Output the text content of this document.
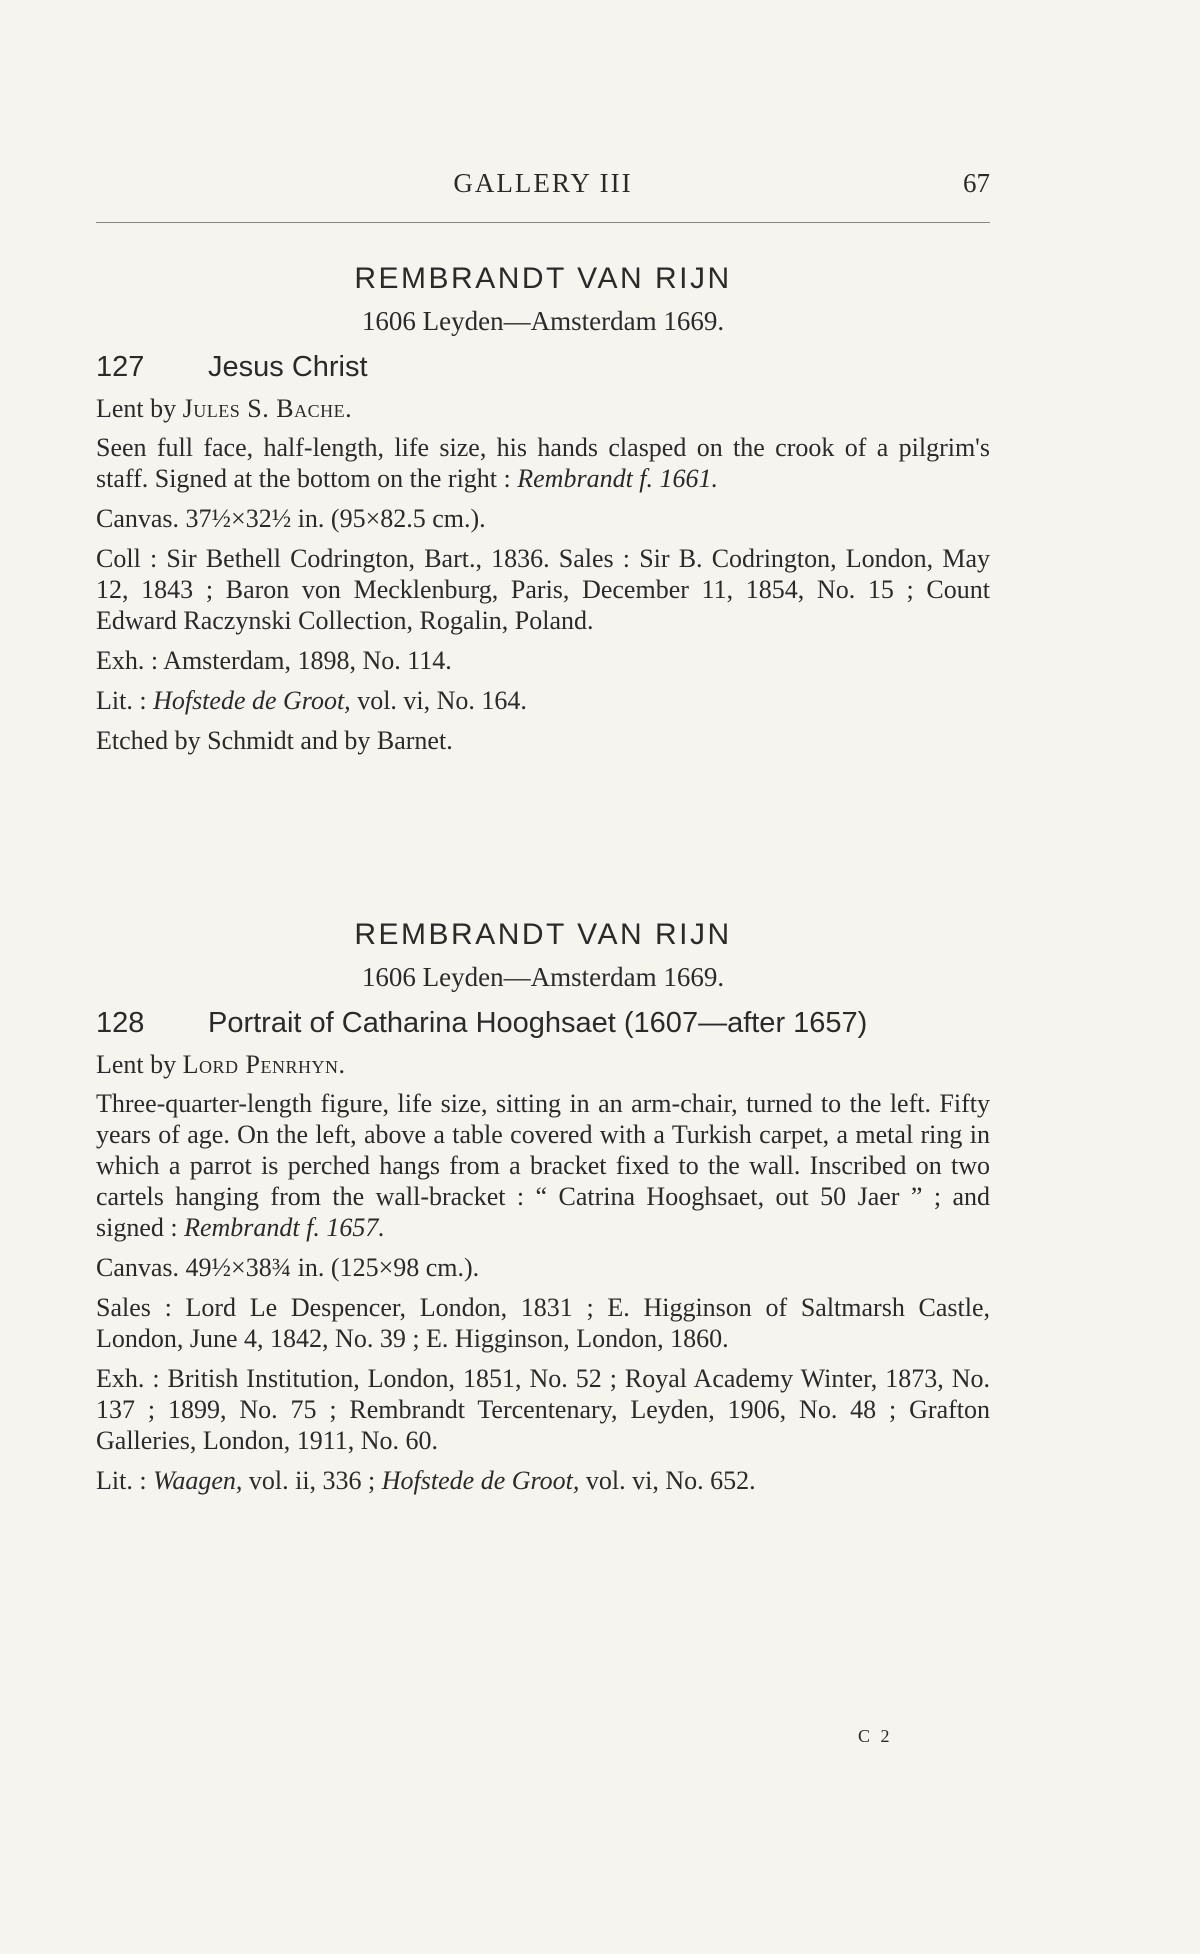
GALLERY III	67
REMBRANDT VAN RIJN
1606 Leyden—Amsterdam 1669.
127 Jesus Christ
Lent by Jules S. Bache.

Seen full face, half-length, life size, his hands clasped on the crook of a pilgrim's staff. Signed at the bottom on the right : Rembrandt f. 1661.

Canvas. 37½×32½ in. (95×82.5 cm.).

Coll : Sir Bethell Codrington, Bart., 1836. Sales : Sir B. Codrington, London, May 12, 1843 ; Baron von Mecklenburg, Paris, December 11, 1854, No. 15 ; Count Edward Raczynski Collection, Rogalin, Poland.

Exh. : Amsterdam, 1898, No. 114.

Lit. : Hofstede de Groot, vol. vi, No. 164.

Etched by Schmidt and by Barnet.

REMBRANDT VAN RIJN
1606 Leyden—Amsterdam 1669.
128 Portrait of Catharina Hooghsaet (1607—after 1657)
Lent by Lord Penrhyn.

Three-quarter-length figure, life size, sitting in an arm-chair, turned to the left. Fifty years of age. On the left, above a table covered with a Turkish carpet, a metal ring in which a parrot is perched hangs from a bracket fixed to the wall. Inscribed on two cartels hanging from the wall-bracket : “ Catrina Hooghsaet, out 50 Jaer ” ; and signed : Rembrandt f. 1657.

Canvas. 49½×38¾ in. (125×98 cm.).

Sales : Lord Le Despencer, London, 1831 ; E. Higginson of Saltmarsh Castle, London, June 4, 1842, No. 39 ; E. Higginson, London, 1860.

Exh. : British Institution, London, 1851, No. 52 ; Royal Academy Winter, 1873, No. 137 ; 1899, No. 75 ; Rembrandt Tercentenary, Leyden, 1906, No. 48 ; Grafton Galleries, London, 1911, No. 60.

Lit. : Waagen, vol. ii, 336 ; Hofstede de Groot, vol. vi, No. 652.

C 2
